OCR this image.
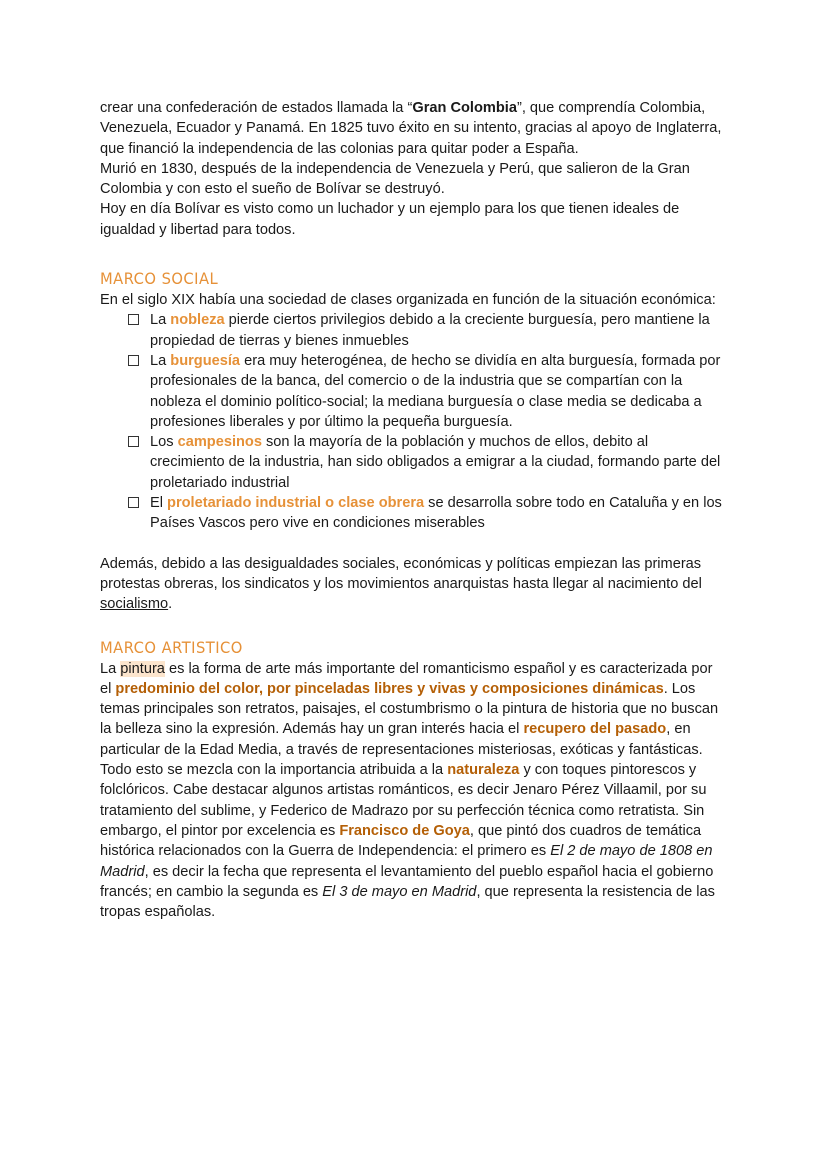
crear una confederación de estados llamada la “Gran Colombia”, que comprendía Colombia, Venezuela, Ecuador y Panamá. En 1825 tuvo éxito en su intento, gracias al apoyo de Inglaterra, que financió la independencia de las colonias para quitar poder a España.

Murió en 1830, después de la independencia de Venezuela y Perú, que salieron de la Gran Colombia y con esto el sueño de Bolívar se destruyó.

Hoy en día Bolívar es visto como un luchador y un ejemplo para los que tienen ideales de igualdad y libertad para todos.

MARCO SOCIAL

En el siglo XIX había una sociedad de clases organizada en función de la situación económica:

La nobleza pierde ciertos privilegios debido a la creciente burguesía, pero mantiene la propiedad de tierras y bienes inmuebles
La burguesía era muy heterogénea, de hecho se dividía en alta burguesía, formada por profesionales de la banca, del comercio o de la industria que se compartían con la nobleza el dominio político-social; la mediana burguesía o clase media se dedicaba a profesiones liberales y por último la pequeña burguesía.
Los campesinos son la mayoría de la población y muchos de ellos, debito al crecimiento de la industria, han sido obligados a emigrar a la ciudad, formando parte del proletariado industrial
El proletariado industrial o clase obrera se desarrolla sobre todo en Cataluña y en los Países Vascos pero vive en condiciones miserables

Además, debido a las desigualdades sociales, económicas y políticas empiezan las primeras protestas obreras, los sindicatos y los movimientos anarquistas hasta llegar al nacimiento del socialismo.

MARCO ARTISTICO

La pintura es la forma de arte más importante del romanticismo español y es caracterizada por el predominio del color, por pinceladas libres y vivas y composiciones dinámicas. Los temas principales son retratos, paisajes, el costumbrismo o la pintura de historia que no buscan la belleza sino la expresión. Además hay un gran interés hacia el recupero del pasado, en particular de la Edad Media, a través de representaciones misteriosas, exóticas y fantásticas. Todo esto se mezcla con la importancia atribuida a la naturaleza y con toques pintorescos y folclóricos. Cabe destacar algunos artistas románticos, es decir Jenaro Pérez Villaamil, por su tratamiento del sublime, y Federico de Madrazo por su perfección técnica como retratista. Sin embargo, el pintor por excelencia es Francisco de Goya, que pintó dos cuadros de temática histórica relacionados con la Guerra de Independencia: el primero es El 2 de mayo de 1808 en Madrid, es decir la fecha que representa el levantamiento del pueblo español hacia el gobierno francés; en cambio la segunda es El 3 de mayo en Madrid, que representa la resistencia de las tropas españolas.
